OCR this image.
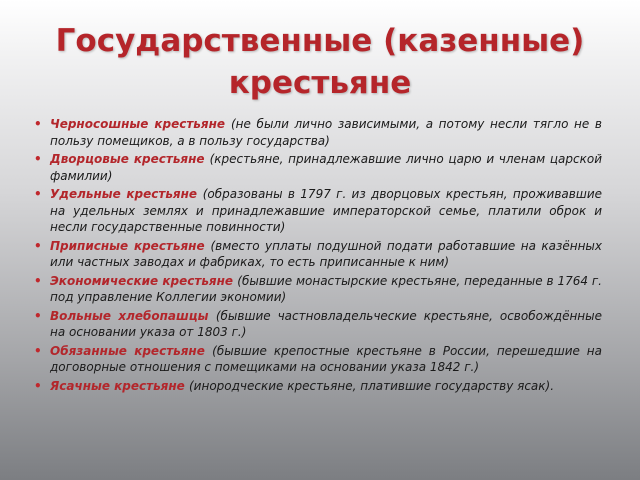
Государственные (казенные)
крестьяне
• Черносошные крестьяне (не были лично зависимыми, а потому несли тягло не в пользу помещиков, а в пользу государства)
• Дворцовые крестьяне (крестьяне, принадлежавшие лично царю и членам царской фамилии)
• Удельные крестьяне (образованы в 1797 г. из дворцовых крестьян, проживавшие на удельных землях и принадлежавшие императорской семье, платили оброк и несли государственные повинности)
• Приписные крестьяне (вместо уплаты подушной подати работавшие на казённых или частных заводах и фабриках, то есть приписанные к ним)
• Экономические крестьяне (бывшие монастырские крестьяне, переданные в 1764 г. под управление Коллегии экономии)
• Вольные хлебопашцы (бывшие частновладельческие крестьяне, освобождённые на основании указа от 1803 г.)
• Обязанные крестьяне (бывшие крепостные крестьяне в России, перешедшие на договорные отношения с помещиками на основании указа 1842 г.)
• Ясачные крестьяне (инородческие крестьяне, платившие государству ясак).
